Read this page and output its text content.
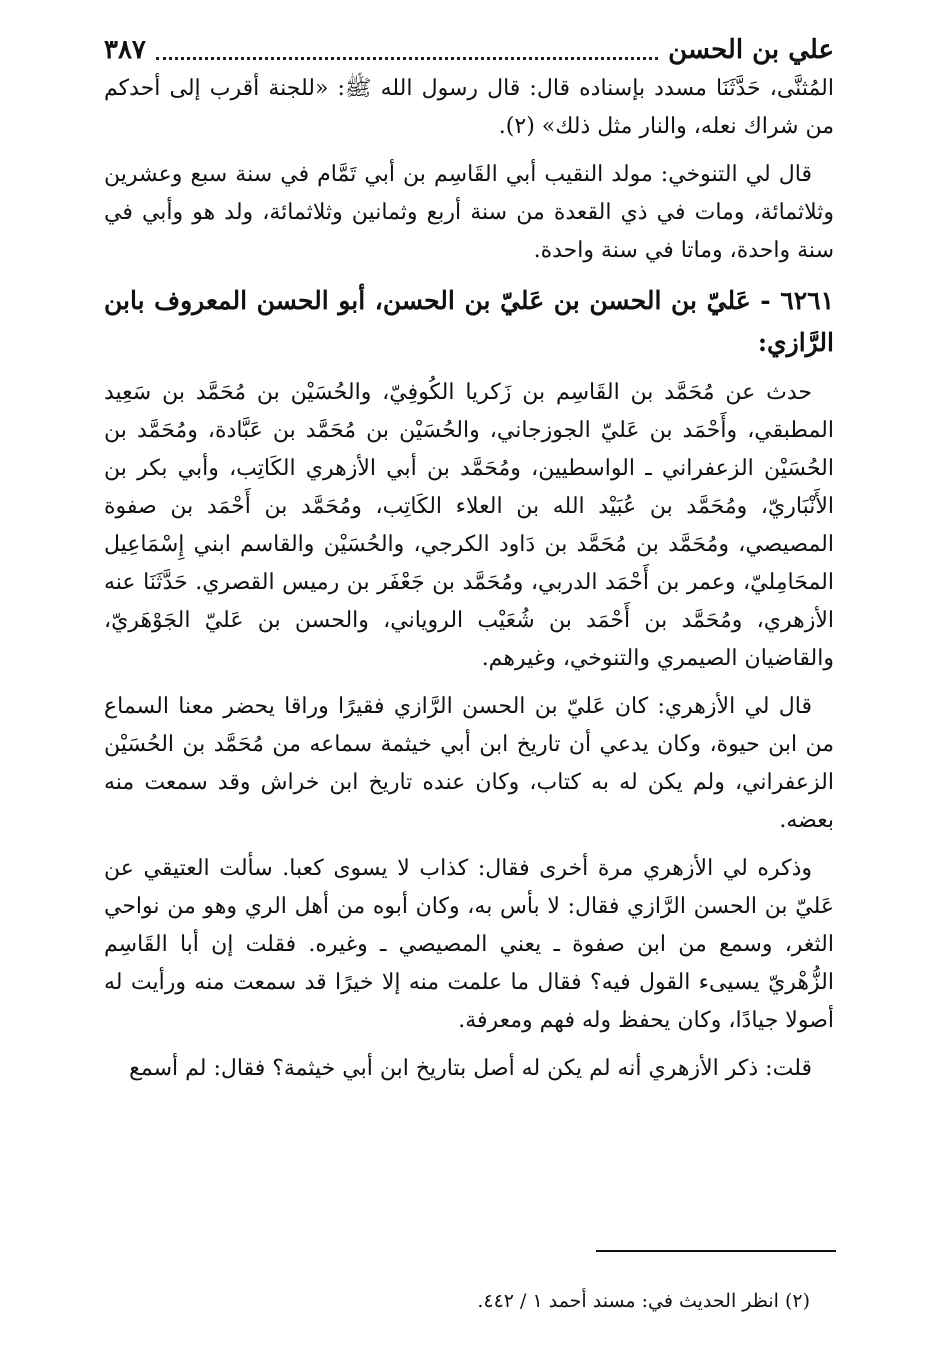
علي بن الحسن
٣٨٧

المُثنَّى، حَدَّثَنَا مسدد بإسناده قال: قال رسول الله ﷺ: «للجنة أقرب إلى أحدكم من شراك نعله، والنار مثل ذلك» (٢).

قال لي التنوخي: مولد النقيب أبي القَاسِم بن أبي تَمَّام في سنة سبع وعشرين وثلاثمائة، ومات في ذي القعدة من سنة أربع وثمانين وثلاثمائة، ولد هو وأبي في سنة واحدة، وماتا في سنة واحدة.

٦٢٦١ - عَليّ بن الحسن بن عَليّ بن الحسن، أبو الحسن المعروف بابن الرَّازي:

حدث عن مُحَمَّد بن القَاسِم بن زَكريا الكُوفِيّ، والحُسَيْن بن مُحَمَّد بن سَعِيد المطبقي، وأَحْمَد بن عَليّ الجوزجاني، والحُسَيْن بن مُحَمَّد بن عَبَّادة، ومُحَمَّد بن الحُسَيْن الزعفراني ـ الواسطيين، ومُحَمَّد بن أبي الأزهري الكَاتِب، وأبي بكر بن الأَنْبَاريّ، ومُحَمَّد بن عُبَيْد الله بن العلاء الكَاتِب، ومُحَمَّد بن أَحْمَد بن صفوة المصيصي، ومُحَمَّد بن مُحَمَّد بن دَاود الكرجي، والحُسَيْن والقاسم ابني إِسْمَاعِيل المحَامِليّ، وعمر بن أَحْمَد الدربي، ومُحَمَّد بن جَعْفَر بن رميس القصري. حَدَّثَنَا عنه الأزهري، ومُحَمَّد بن أَحْمَد بن شُعَيْب الروياني، والحسن بن عَليّ الجَوْهَريّ، والقاضيان الصيمري والتنوخي، وغيرهم.

قال لي الأزهري: كان عَليّ بن الحسن الرَّازي فقيرًا وراقا يحضر معنا السماع من ابن حيوة، وكان يدعي أن تاريخ ابن أبي خيثمة سماعه من مُحَمَّد بن الحُسَيْن الزعفراني، ولم يكن له به كتاب، وكان عنده تاريخ ابن خراش وقد سمعت منه بعضه.

وذكره لي الأزهري مرة أخرى فقال: كذاب لا يسوى كعبا. سألت العتيقي عن عَليّ بن الحسن الرَّازي فقال: لا بأس به، وكان أبوه من أهل الري وهو من نواحي الثغر، وسمع من ابن صفوة ـ يعني المصيصي ـ وغيره. فقلت إن أبا القَاسِم الزُّهْريّ يسيىء القول فيه؟ فقال ما علمت منه إلا خيرًا قد سمعت منه ورأيت له أصولا جيادًا، وكان يحفظ وله فهم ومعرفة.

قلت: ذكر الأزهري أنه لم يكن له أصل بتاريخ ابن أبي خيثمة؟ فقال: لم أسمع

(٢) انظر الحديث في: مسند أحمد ١ / ٤٤٢.
